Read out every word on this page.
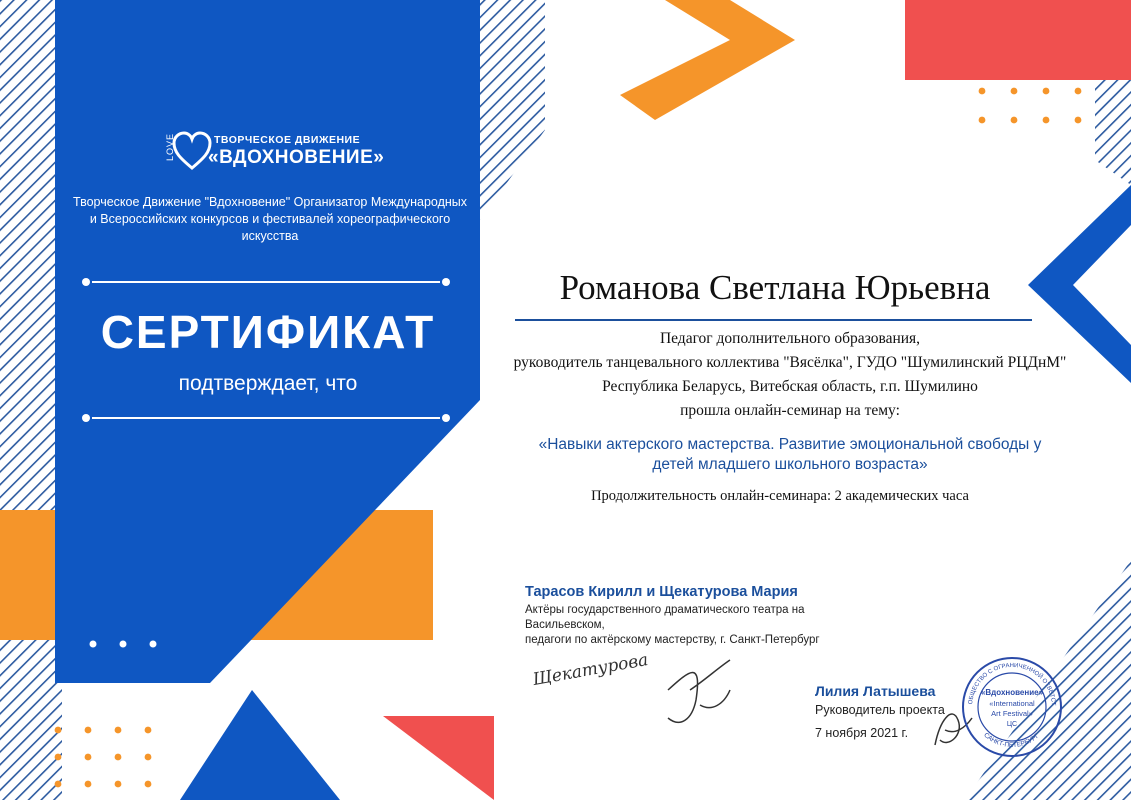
LOVE	ТВОРЧЕСКОЕ ДВИЖЕНИЕ
«ВДОХНОВЕНИЕ»
Творческое Движение "Вдохновение" Организатор Международных
и Всероссийских конкурсов и фестивалей хореографического искусства
СЕРТИФИКАТ
подтверждает, что
Романова Светлана Юрьевна
Педагог дополнительного образования,
руководитель танцевального коллектива "Вясёлка", ГУДО "Шумилинский РЦДнМ"
Республика Беларусь, Витебская область, г.п. Шумилино
прошла онлайн-семинар на тему:
«Навыки актерского мастерства. Развитие эмоциональной свободы у
детей младшего школьного возраста»
Продолжительность онлайн-семинара: 2 академических часа
Тарасов Кирилл и Щекатурова Мария
Актёры государственного драматического театра на Васильевском,
педагоги по актёрскому мастерству, г. Санкт-Петербург
Щекатурова
Лилия Латышева
Руководитель проекта
7 ноября 2021 г.
ОБЩЕСТВО С ОГРАНИЧЕННОЙ ОТВЕТСТ
САНКТ-ПЕТЕРБУРГ
«Вдохновение»
«International
Art Festival»
ЦС
